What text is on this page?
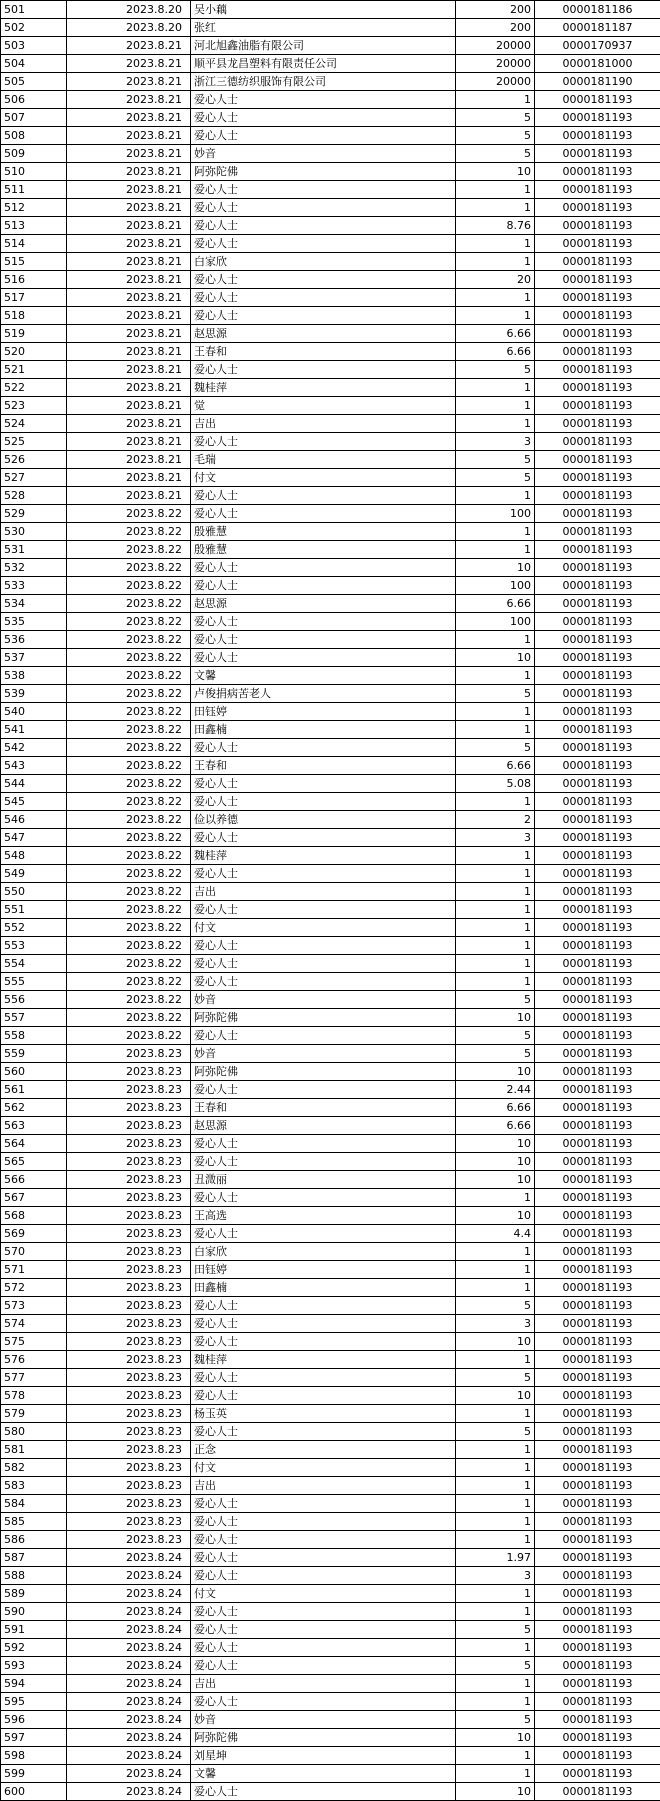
501	2023.8.20	吴小藕	200	0000181186
502	2023.8.20	张红	200	0000181187
503	2023.8.21	河北旭鑫油脂有限公司	20000	0000170937
504	2023.8.21	顺平县龙昌塑料有限责任公司	20000	0000181000
505	2023.8.21	浙江三德纺织服饰有限公司	20000	0000181190
506	2023.8.21	爱心人士	1	0000181193
507	2023.8.21	爱心人士	5	0000181193
508	2023.8.21	爱心人士	5	0000181193
509	2023.8.21	妙音	5	0000181193
510	2023.8.21	阿弥陀佛	10	0000181193
511	2023.8.21	爱心人士	1	0000181193
512	2023.8.21	爱心人士	1	0000181193
513	2023.8.21	爱心人士	8.76	0000181193
514	2023.8.21	爱心人士	1	0000181193
515	2023.8.21	白家欣	1	0000181193
516	2023.8.21	爱心人士	20	0000181193
517	2023.8.21	爱心人士	1	0000181193
518	2023.8.21	爱心人士	1	0000181193
519	2023.8.21	赵思源	6.66	0000181193
520	2023.8.21	王春和	6.66	0000181193
521	2023.8.21	爱心人士	5	0000181193
522	2023.8.21	魏桂萍	1	0000181193
523	2023.8.21	觉	1	0000181193
524	2023.8.21	吉出	1	0000181193
525	2023.8.21	爱心人士	3	0000181193
526	2023.8.21	毛瑞	5	0000181193
527	2023.8.21	付文	5	0000181193
528	2023.8.21	爱心人士	1	0000181193
529	2023.8.22	爱心人士	100	0000181193
530	2023.8.22	殷雅慧	1	0000181193
531	2023.8.22	殷雅慧	1	0000181193
532	2023.8.22	爱心人士	10	0000181193
533	2023.8.22	爱心人士	100	0000181193
534	2023.8.22	赵思源	6.66	0000181193
535	2023.8.22	爱心人士	100	0000181193
536	2023.8.22	爱心人士	1	0000181193
537	2023.8.22	爱心人士	10	0000181193
538	2023.8.22	文馨	1	0000181193
539	2023.8.22	卢俊捐病苦老人	5	0000181193
540	2023.8.22	田钰婷	1	0000181193
541	2023.8.22	田鑫楠	1	0000181193
542	2023.8.22	爱心人士	5	0000181193
543	2023.8.22	王春和	6.66	0000181193
544	2023.8.22	爱心人士	5.08	0000181193
545	2023.8.22	爱心人士	1	0000181193
546	2023.8.22	俭以养德	2	0000181193
547	2023.8.22	爱心人士	3	0000181193
548	2023.8.22	魏桂萍	1	0000181193
549	2023.8.22	爱心人士	1	0000181193
550	2023.8.22	吉出	1	0000181193
551	2023.8.22	爱心人士	1	0000181193
552	2023.8.22	付文	1	0000181193
553	2023.8.22	爱心人士	1	0000181193
554	2023.8.22	爱心人士	1	0000181193
555	2023.8.22	爱心人士	1	0000181193
556	2023.8.22	妙音	5	0000181193
557	2023.8.22	阿弥陀佛	10	0000181193
558	2023.8.22	爱心人士	5	0000181193
559	2023.8.23	妙音	5	0000181193
560	2023.8.23	阿弥陀佛	10	0000181193
561	2023.8.23	爱心人士	2.44	0000181193
562	2023.8.23	王春和	6.66	0000181193
563	2023.8.23	赵思源	6.66	0000181193
564	2023.8.23	爱心人士	10	0000181193
565	2023.8.23	爱心人士	10	0000181193
566	2023.8.23	丑溦丽	10	0000181193
567	2023.8.23	爱心人士	1	0000181193
568	2023.8.23	王高选	10	0000181193
569	2023.8.23	爱心人士	4.4	0000181193
570	2023.8.23	白家欣	1	0000181193
571	2023.8.23	田钰婷	1	0000181193
572	2023.8.23	田鑫楠	1	0000181193
573	2023.8.23	爱心人士	5	0000181193
574	2023.8.23	爱心人士	3	0000181193
575	2023.8.23	爱心人士	10	0000181193
576	2023.8.23	魏桂萍	1	0000181193
577	2023.8.23	爱心人士	5	0000181193
578	2023.8.23	爱心人士	10	0000181193
579	2023.8.23	杨玉英	1	0000181193
580	2023.8.23	爱心人士	5	0000181193
581	2023.8.23	正念	1	0000181193
582	2023.8.23	付文	1	0000181193
583	2023.8.23	吉出	1	0000181193
584	2023.8.23	爱心人士	1	0000181193
585	2023.8.23	爱心人士	1	0000181193
586	2023.8.23	爱心人士	1	0000181193
587	2023.8.24	爱心人士	1.97	0000181193
588	2023.8.24	爱心人士	3	0000181193
589	2023.8.24	付文	1	0000181193
590	2023.8.24	爱心人士	1	0000181193
591	2023.8.24	爱心人士	5	0000181193
592	2023.8.24	爱心人士	1	0000181193
593	2023.8.24	爱心人士	5	0000181193
594	2023.8.24	吉出	1	0000181193
595	2023.8.24	爱心人士	1	0000181193
596	2023.8.24	妙音	5	0000181193
597	2023.8.24	阿弥陀佛	10	0000181193
598	2023.8.24	刘星坤	1	0000181193
599	2023.8.24	文馨	1	0000181193
600	2023.8.24	爱心人士	10	0000181193
